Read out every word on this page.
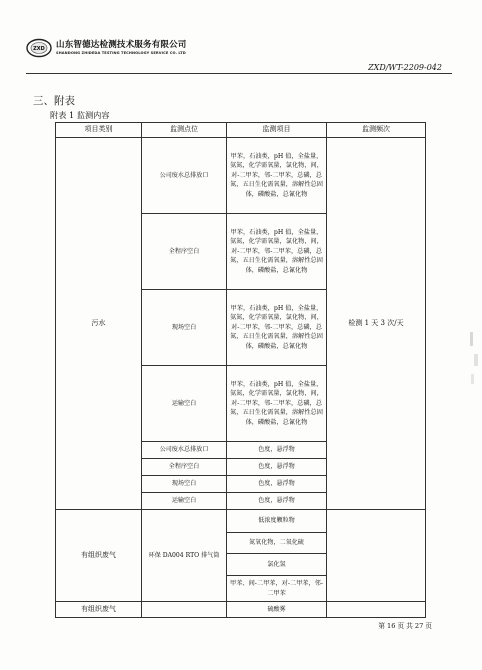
ZXD 山东智德达检测技术服务有限公司
SHANDONG ZHIDEDA TESTING TECHNOLOGY SERVICE CO. LTD
ZXD/WT-2209-042
三、附表
附表 1 监测内容
项目类别	监测点位	监测项目	监测频次
污水	公司废水总排放口	甲苯，石油类，pH 值，全盐量，氨氮，化学需氧量，氯化物，间，对-二甲苯，邻-二甲苯，总磷，总氮，五日生化需氧量，溶解性总固体，磷酸盐，总氰化物	检测 1 天 3 次/天
	全程序空白	甲苯，石油类，pH 值，全盐量，氨氮，化学需氧量，氯化物，间，对-二甲苯，邻-二甲苯，总磷，总氮，五日生化需氧量，溶解性总固体，磷酸盐，总氰化物	
	现场空白	甲苯，石油类，pH 值，全盐量，氨氮，化学需氧量，氯化物，间，对-二甲苯，邻-二甲苯，总磷，总氮，五日生化需氧量，溶解性总固体，磷酸盐，总氰化物	
	运输空白	甲苯，石油类，pH 值，全盐量，氨氮，化学需氧量，氯化物，间，对-二甲苯，邻-二甲苯，总磷，总氮，五日生化需氧量，溶解性总固体，磷酸盐，总氰化物	
	公司废水总排放口	色度，悬浮物	
	全程序空白	色度，悬浮物	
	现场空白	色度，悬浮物	
	运输空白	色度，悬浮物	
有组织废气	环保 DA004 RTO 排气筒	低浓度颗粒物	
		氮氧化物，二氧化硫	
		氯化氢	
		甲苯、间-二甲苯，对-二甲苯，邻-二甲苯	
有组织废气		硫酸雾	
第 16 页 共 27 页
